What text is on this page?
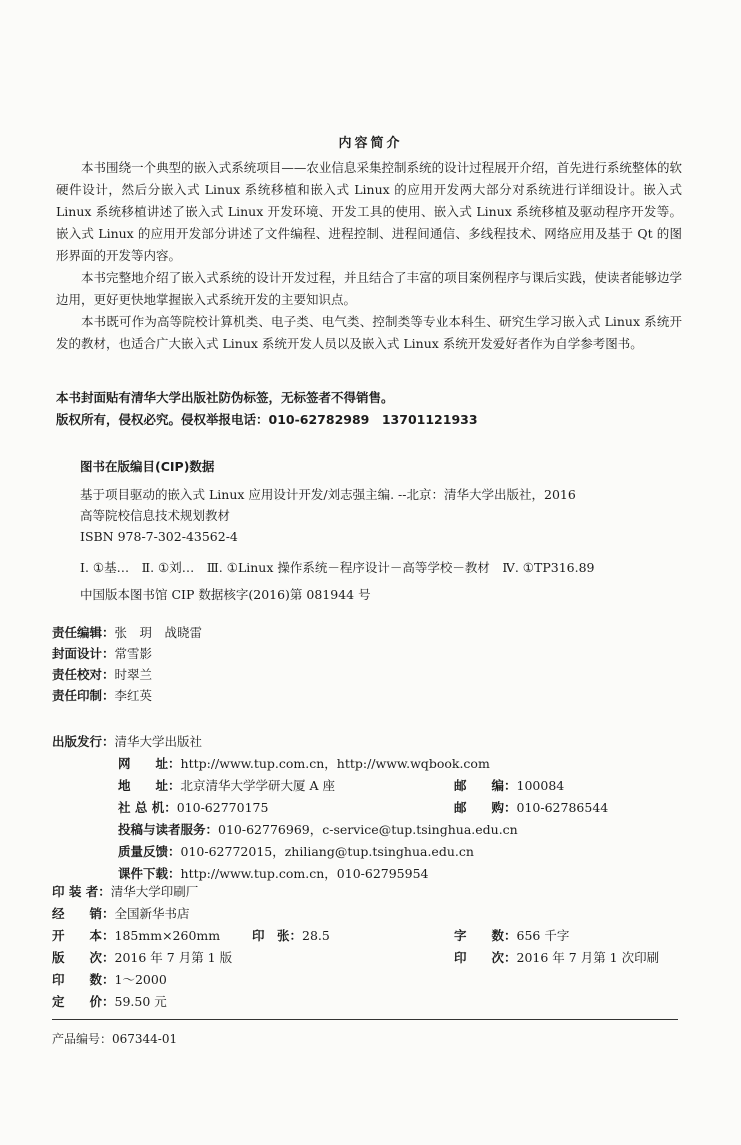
内容简介

本书围绕一个典型的嵌入式系统项目——农业信息采集控制系统的设计过程展开介绍，首先进行系统整体的软硬件设计，然后分嵌入式 Linux 系统移植和嵌入式 Linux 的应用开发两大部分对系统进行详细设计。嵌入式 Linux 系统移植讲述了嵌入式 Linux 开发环境、开发工具的使用、嵌入式 Linux 系统移植及驱动程序开发等。嵌入式 Linux 的应用开发部分讲述了文件编程、进程控制、进程间通信、多线程技术、网络应用及基于 Qt 的图形界面的开发等内容。

本书完整地介绍了嵌入式系统的设计开发过程，并且结合了丰富的项目案例程序与课后实践，使读者能够边学边用，更好更快地掌握嵌入式系统开发的主要知识点。

本书既可作为高等院校计算机类、电子类、电气类、控制类等专业本科生、研究生学习嵌入式 Linux 系统开发的教材，也适合广大嵌入式 Linux 系统开发人员以及嵌入式 Linux 系统开发爱好者作为自学参考图书。

本书封面贴有清华大学出版社防伪标签，无标签者不得销售。
版权所有，侵权必究。侵权举报电话：010-62782989　13701121933
图书在版编目(CIP)数据
基于项目驱动的嵌入式 Linux 应用设计开发/刘志强主编. --北京：清华大学出版社，2016
高等院校信息技术规划教材
ISBN 978-7-302-43562-4
Ⅰ. ①基…　Ⅱ. ①刘…　Ⅲ. ①Linux 操作系统－程序设计－高等学校－教材　Ⅳ. ①TP316.89
中国版本图书馆 CIP 数据核字(2016)第 081944 号
责任编辑： 张　玥　战晓雷
封面设计： 常雪影
责任校对： 时翠兰
责任印制： 李红英
出版发行：清华大学出版社
网　　址：http://www.tup.com.cn，http://www.wqbook.com
地　　址：北京清华大学学研大厦 A 座	邮　　编：100084
社 总 机：010-62770175	邮　　购：010-62786544
投稿与读者服务：010-62776969，c-service@tup.tsinghua.edu.cn
质量反馈：010-62772015，zhiliang@tup.tsinghua.edu.cn
课件下载：http://www.tup.com.cn，010-62795954
印 装 者：清华大学印刷厂
经　　销：全国新华书店
开　　本：185mm×260mm	印　张：28.5	字　　数：656 千字
版　　次：2016 年 7 月第 1 版	印　　次：2016 年 7 月第 1 次印刷
印　　数：1～2000
定　　价：59.50 元
产品编号：067344-01
